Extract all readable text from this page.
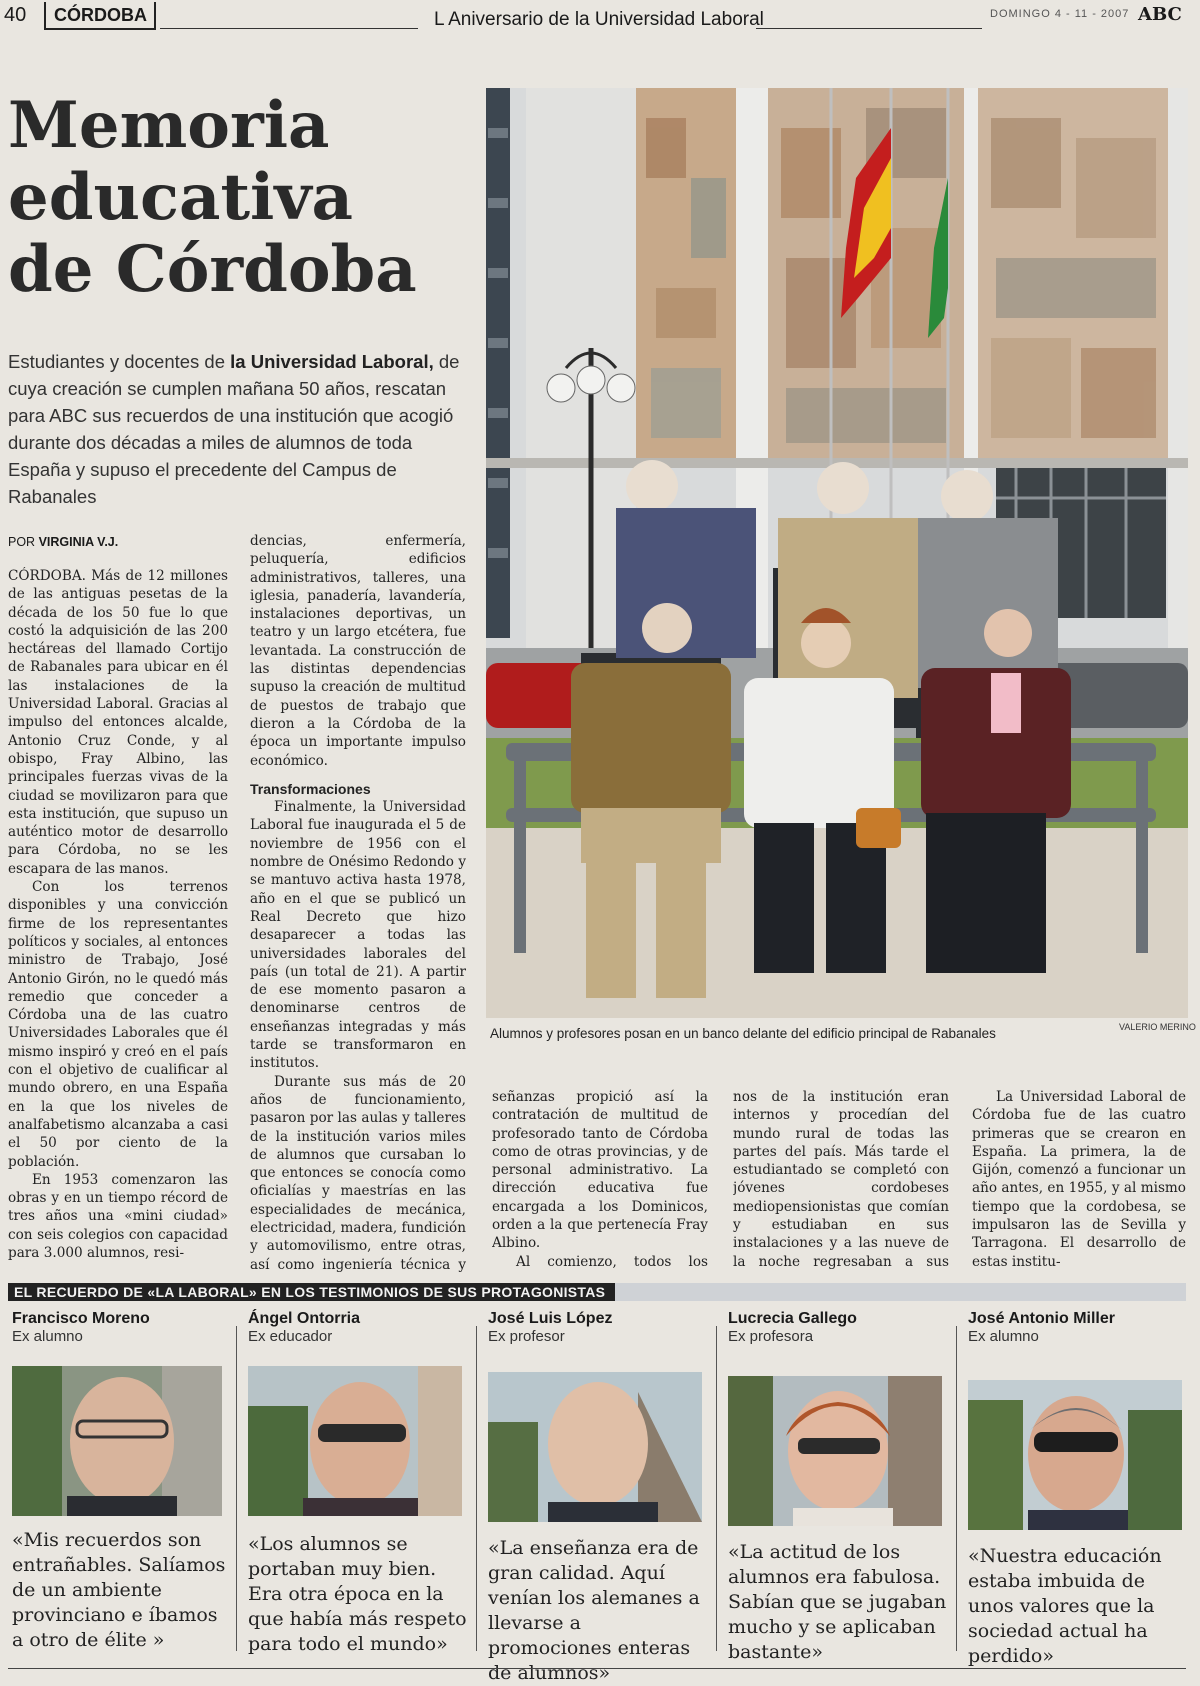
40 CÓRDOBA	L Aniversario de la Universidad Laboral	DOMINGO 4 - 11 - 2007 ABC
Memoria
educativa
de Córdoba
Estudiantes y docentes de la Universidad Laboral, de cuya creación se cumplen mañana 50 años, rescatan para ABC sus recuerdos de una institución que acogió durante dos décadas a miles de alumnos de toda España y supuso el precedente del Campus de Rabanales
POR VIRGINIA V.J.

CÓRDOBA. Más de 12 millones de las antiguas pesetas de la década de los 50 fue lo que costó la adquisición de las 200 hectáreas del llamado Cortijo de Rabanales para ubicar en él las instalaciones de la Universidad Laboral. Gracias al impulso del entonces alcalde, Antonio Cruz Conde, y al obispo, Fray Albino, las principales fuerzas vivas de la ciudad se movilizaron para que esta institución, que supuso un auténtico motor de desarrollo para Córdoba, no se les escapara de las manos.

Con los terrenos disponibles y una convicción firme de los representantes políticos y sociales, al entonces ministro de Trabajo, José Antonio Girón, no le quedó más remedio que conceder a Córdoba una de las cuatro Universidades Laborales que él mismo inspiró y creó en el país con el objetivo de cualificar al mundo obrero, en una España en la que los niveles de analfabetismo alcanzaba a casi el 50 por ciento de la población.

En 1953 comenzaron las obras y en un tiempo récord de tres años una «mini ciudad» con seis colegios con capacidad para 3.000 alumnos, resi-

dencias, enfermería, peluquería, edificios administrativos, talleres, una iglesia, panadería, lavandería, instalaciones deportivas, un teatro y un largo etcétera, fue levantada. La construcción de las distintas dependencias supuso la creación de multitud de puestos de trabajo que dieron a la Córdoba de la época un importante impulso económico.

Transformaciones

Finalmente, la Universidad Laboral fue inaugurada el 5 de noviembre de 1956 con el nombre de Onésimo Redondo y se mantuvo activa hasta 1978, año en el que se publicó un Real Decreto que hizo desaparecer a todas las universidades laborales del país (un total de 21). A partir de ese momento pasaron a denominarse centros de enseñanzas integradas y más tarde se transformaron en institutos.

Durante sus más de 20 años de funcionamiento, pasaron por las aulas y talleres de la institución varios miles de alumnos que cursaban lo que entonces se conocía como oficialías y maestrías en las especialidades de mecánica, electricidad, madera, fundición y automovilismo, entre otras, así como ingeniería técnica y

señanzas propició así la contratación de multitud de profesorado tanto de Córdoba como de otras provincias, y de personal administrativo. La dirección educativa fue encargada a los Dominicos, orden a la que pertenecía Fray Albino.

Al comienzo, todos los

nos de la institución eran internos y procedían del mundo rural de todas las partes del país. Más tarde el estudiantado se completó con jóvenes cordobeses mediopensionistas que comían y estudiaban en sus instalaciones y a las nueve de la noche regresaban a sus

La Universidad Laboral de Córdoba fue de las cuatro primeras que se crearon en España. La primera, la de Gijón, comenzó a funcionar un año antes, en 1955, y al mismo tiempo que la cordobesa, se impulsaron las de Sevilla y Tarragona. El desarrollo de estas institu-

VALERIO MERINO
Alumnos y profesores posan en un banco delante del edificio principal de Rabanales
EL RECUERDO DE «LA LABORAL» EN LOS TESTIMONIOS DE SUS PROTAGONISTAS
Francisco Moreno
Ex alumno
«Mis recuerdos son entrañables. Salíamos de un ambiente provinciano e íbamos a otro de élite »
Ángel Ontorria
Ex educador
«Los alumnos se portaban muy bien. Era otra época en la que había más respeto para todo el mundo»
José Luis López
Ex profesor
«La enseñanza era de gran calidad. Aquí venían los alemanes a llevarse a promociones enteras de alumnos»
Lucrecia Gallego
Ex profesora
«La actitud de los alumnos era fabulosa. Sabían que se jugaban mucho y se aplicaban bastante»
José Antonio Miller
Ex alumno
«Nuestra educación estaba imbuida de unos valores que la sociedad actual ha perdido»
